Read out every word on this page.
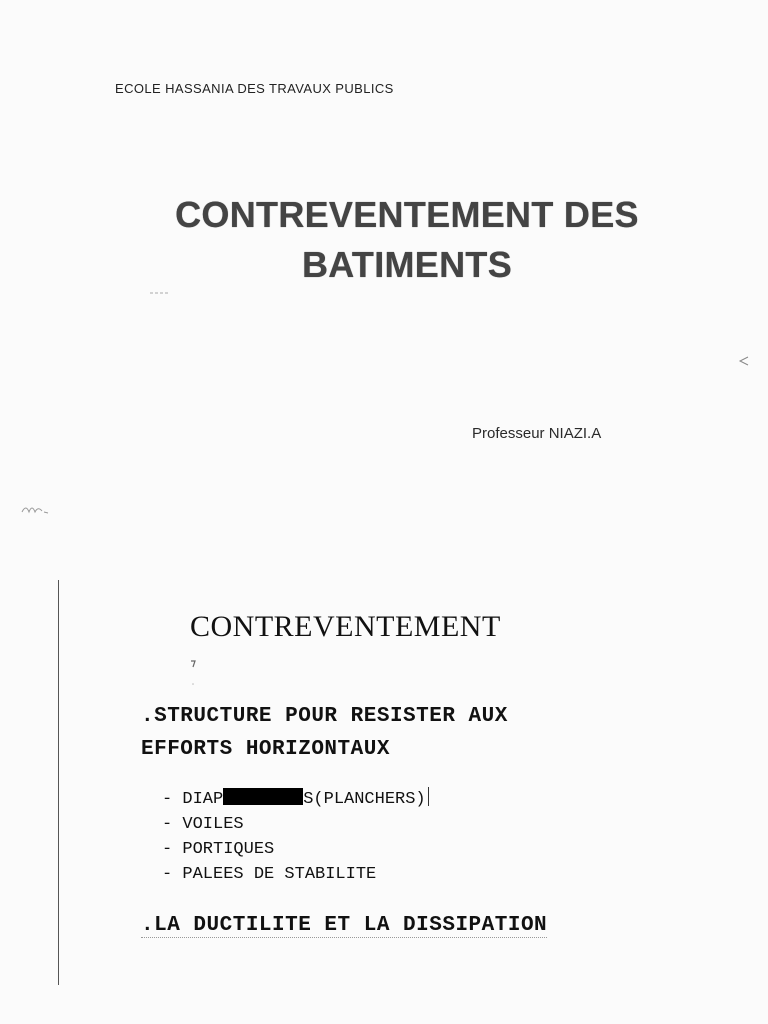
ECOLE HASSANIA DES TRAVAUX PUBLICS
CONTREVENTEMENT DES
BATIMENTS
Professeur NIAZI.A
CONTREVENTEMENT
.STRUCTURE POUR RESISTER AUX
EFFORTS HORIZONTAUX
- DIAP	S(PLANCHERS)
- VOILES
- PORTIQUES
- PALEES DE STABILITE
.LA DUCTILITE ET LA DISSIPATION
